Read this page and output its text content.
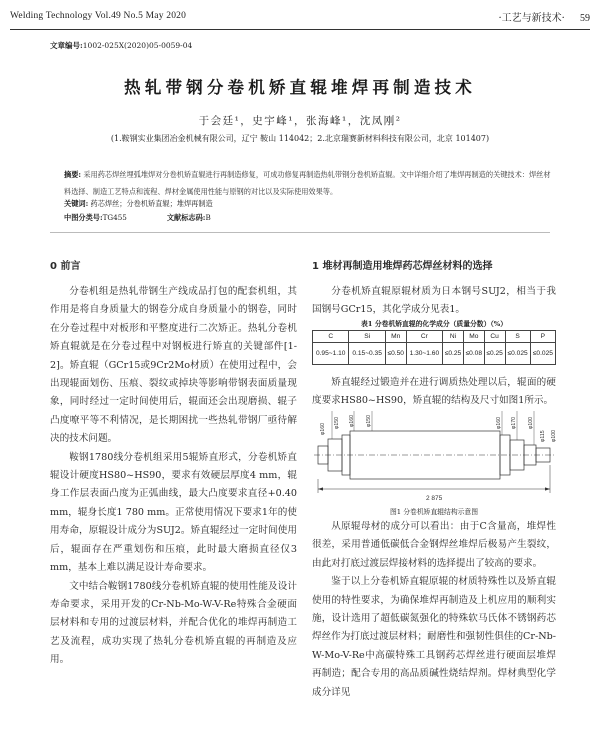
Welding Technology Vol.49 No.5 May 2020	·工艺与新技术· 59
文章编号:1002-025X(2020)05-0059-04
热轧带钢分卷机矫直辊堆焊再制造技术
于会廷¹，史宇峰¹，张海峰¹，沈凤刚²
(1.鞍钢实业集团冶金机械有限公司，辽宁 鞍山 114042；2.北京瑞赛新材料科技有限公司，北京 101407)
摘要: 采用药芯焊丝埋弧堆焊对分卷机矫直辊进行再制造修复，可成功修复再制造热轧带钢分卷机矫直辊。文中详细介绍了堆焊再制造的关键技术：焊丝材料选择、制造工艺特点和流程、焊材金属使用性能与原钢的对比以及实际使用效果等。
关键词: 药芯焊丝；分卷机矫直辊；堆焊再制造
中图分类号:TG455	文献标志码:B
0 前言

分卷机组是热轧带钢生产线成品打包的配套机组，其作用是将自身质量大的钢卷分成自身质量小的钢卷，同时在分卷过程中对板形和平整度进行二次矫正。热轧分卷机矫直辊就是在分卷过程中对钢板进行矫直的关键部件[1-2]。矫直辊（GCr15或9Cr2Mo材质）在使用过程中，会出现辊面划伤、压痕、裂纹或掉块等影响带钢表面质量现象，同时经过一定时间使用后，辊面还会出现磨损、辊子凸度嘹平等不利情况，是长期困扰一些热轧带钢厂亟待解决的技术问题。

鞍钢1780线分卷机组采用5辊矫直形式，分卷机矫直辊设计硬度HS80~HS90，要求有效硬层厚度4 mm，辊身工作层表面凸度为正弧曲线，最大凸度要求直径+0.40 mm，辊身长度1 780 mm。正常使用情况下要求1年的使用寿命，原辊设计成分为SUJ2。矫直辊经过一定时间使用后，辊面存在严重划伤和压痕，此时最大磨损直径仅3 mm，基本上难以满足设计寿命要求。

文中结合鞍钢1780线分卷机矫直辊的使用性能及设计寿命要求，采用开发的Cr-Nb-Mo-W-V-Re特殊合金硬面层材料和专用的过渡层材料，并配合优化的堆焊再制造工艺及流程，成功实现了热轧分卷机矫直辊的再制造及应用。

1 堆材再制造用堆焊药芯焊丝材料的选择

分卷机矫直辊原辊材质为日本钢号SUJ2，相当于我国钢号GCr15，其化学成分见表1。

表1 分卷机矫直辊的化学成分（质量分数）（%）
C	Si	Mn	Cr	Ni	Mo	Cu	S	P
0.95~1.10	0.15~0.35	≤0.50	1.30~1.60	≤0.25	≤0.08	≤0.25	≤0.025	≤0.025

矫直辊经过锻造并在进行调质热处理以后，辊面的硬度要求HS80~HS90，矫直辊的结构及尺寸如图1所示。

φ160 φ150 φ160 φ150	φ160 φ170 φ100
φ115 φ100
2 875
图1 分卷机矫直辊结构示意图

从原辊母材的成分可以看出：由于C含量高，堆焊性很差，采用普通低碳低合金钢焊丝堆焊后极易产生裂纹，由此对打底过渡层焊接材料的选择提出了较高的要求。

鉴于以上分卷机矫直辊原辊的材质特殊性以及矫直辊使用的特性要求，为确保堆焊再制造及上机应用的顺利实施，设计选用了超低碳氮强化的特殊软马氏体不锈钢药芯焊丝作为打底过渡层材料；耐磨性和强韧性俱佳的Cr-Nb-W-Mo-V-Re中高碳特殊工具钢药芯焊丝进行硬面层堆焊再制造；配合专用的高品质碱性烧结焊剂。焊材典型化学成分详见
